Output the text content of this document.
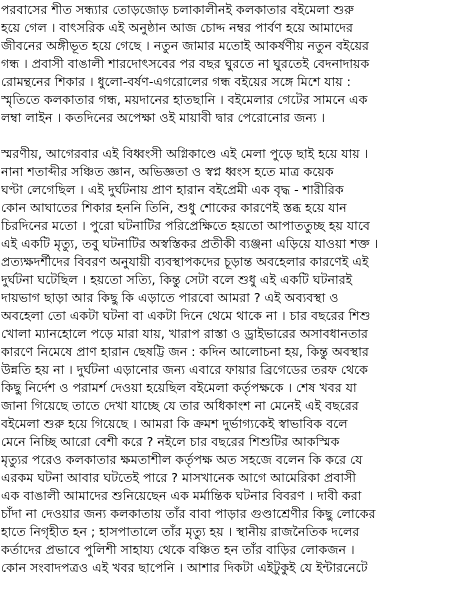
পরবাসের শীত সন্ধ্যার তোড়জোড় চলাকালীনই কলকাতার বইমেলা শুরু
হয়ে গেল । বাৎসরিক এই অনুষ্ঠান আজ চোদ্দ নম্বর পার্বণ হয়ে আমাদের
জীবনের অঙ্গীভূত হয়ে গেছে । নতুন জামার মতোই আকর্ষণীয় নতুন বইয়ের
গন্ধ । প্রবাসী বাঙালী শারদোৎসবের পর বছর ঘুরতে না ঘুরতেই বেদনাদায়ক
রোমন্থনের শিকার । ধুলো-বর্ষণ-এগরোলের গন্ধ বইয়ের সঙ্গে মিশে যায় :
স্মৃতিতে কলকাতার গন্ধ, ময়দানের হাতছানি । বইমেলার গেটের সামনে এক
লম্বা লাইন । কতদিনের অপেক্ষা ওই মায়াবী দ্বার পেরোনোর জন্য ।
স্মরণীয়, আগেরবার এই বিধ্বংসী অগ্নিকাণ্ডে এই মেলা পুড়ে ছাই হয়ে যায় ।
নানা শতাব্দীর সঞ্চিত জ্ঞান, অভিজ্ঞতা ও স্বপ্ন ধ্বংস হতে মাত্র কয়েক
ঘণ্টা লেগেছিল । এই দুর্ঘটনায় প্রাণ হারান বইপ্রেমী এক বৃদ্ধ - শারীরিক
কোন আঘাতের শিকার হননি তিনি, শুধু শোকের কারণেই স্তব্ধ হয়ে যান
চিরদিনের মতো । পুরো ঘটনাটির পরিপ্রেক্ষিতে হয়তো আপাততুচ্ছ হয় যাবে
এই একটি মৃত্যু, তবু ঘটনাটির অস্বস্তিকর প্রতীকী ব্যঞ্জনা এড়িয়ে যাওয়া শক্ত ।
প্রত্যক্ষদর্শীদের বিবরণ অনুযায়ী ব্যবস্থাপকদের চূড়ান্ত অবহেলার কারণেই এই
দুর্ঘটনা ঘটেছিল । হয়তো সত্যি, কিন্তু সেটা বলে শুধু এই একটি ঘটনারই
দায়ভাগ ছাড়া আর কিছু কি এড়াতে পারবো আমরা ? এই অব্যবস্থা ও
অবহেলা তো একটা ঘটনা বা একটা দিনে থেমে থাকে না । চার বছরের শিশু
খোলা ম্যানহোলে পড়ে মারা যায়, খারাপ রাস্তা ও ড্রাইভারের অসাবধানতার
কারণে নিমেষে প্রাণ হারান ছেষট্টি জন : কদিন আলোচনা হয়, কিন্তু অবস্থার
উন্নতি হয় না । দুর্ঘটনা এড়ানোর জন্য এবারে ফায়ার ব্রিগেডের তরফ থেকে
কিছু নির্দেশ ও পরামর্শ দেওয়া হয়েছিল বইমেলা কর্তৃপক্ষকে । শেষ খবর যা
জানা গিয়েছে তাতে দেখা যাচ্ছে যে তার অধিকাংশ না মেনেই এই বছরের
বইমেলা শুরু হয়ে গিয়েছে । আমরা কি ক্রমশ দুর্ভাগ্যকেই স্বাভাবিক বলে
মেনে নিচ্ছি আরো বেশী করে ? নইলে চার বছরের শিশুটির আকস্মিক
মৃত্যুর পরেও কলকাতার ক্ষমতাশীল কর্তৃপক্ষ অত সহজে বলেন কি করে যে
এরকম ঘটনা আবার ঘটতেই পারে ? মাসখানেক আগে আমেরিকা প্রবাসী
এক বাঙালী আমাদের শুনিয়েছেন এক মর্মান্তিক ঘটনার বিবরণ । দাবী করা
চাঁদা না দেওয়ার জন্য কলকাতায় তাঁর বাবা পাড়ার গুণ্ডাশ্রেণীর কিছু লোকের
হাতে নিগৃহীত হন ; হাসপাতালে তাঁর মৃত্যু হয় । স্থানীয় রাজনৈতিক দলের
কর্তাদের প্রভাবে পুলিশী সাহায্য থেকে বঞ্চিত হন তাঁর বাড়ির লোকজন ।
কোন সংবাদপত্রও এই খবর ছাপেনি । আশার দিকটা এইটুকুই যে ইন্টারনেটে
